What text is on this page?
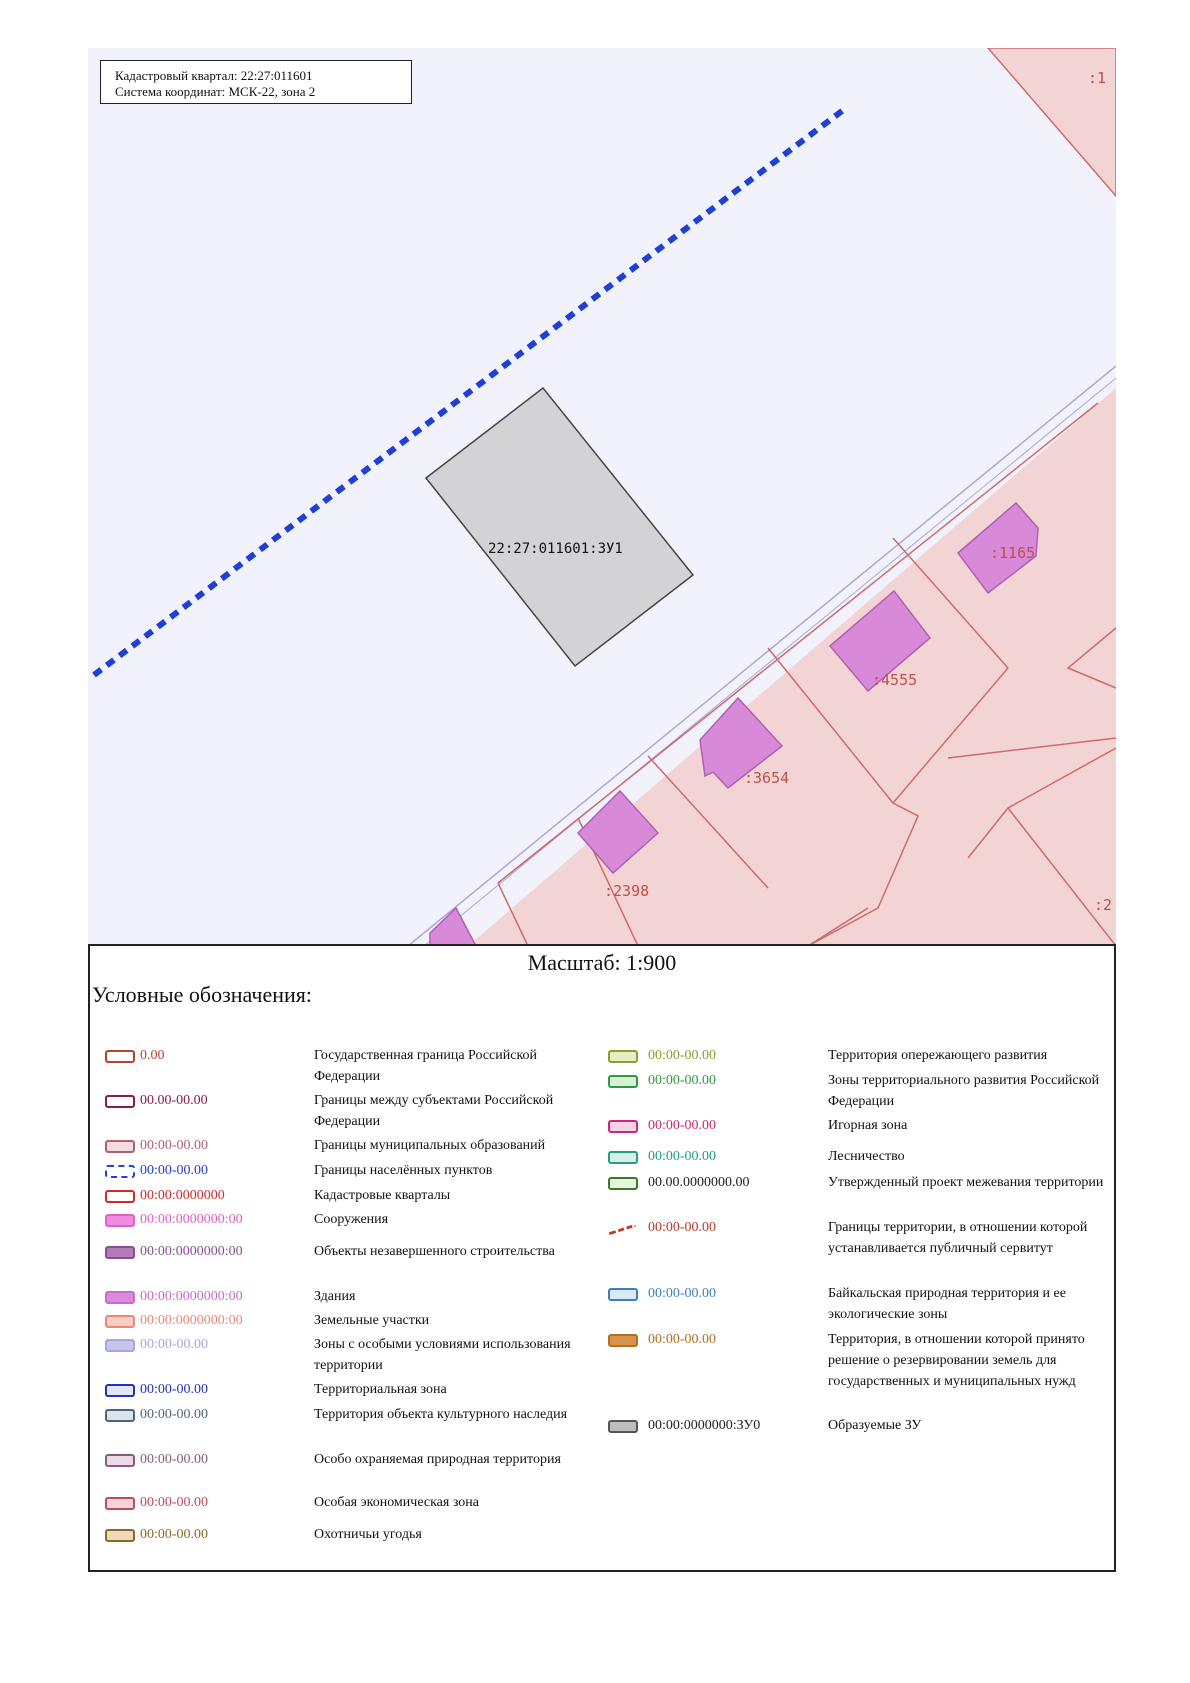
22:27:011601:ЗУ1
:4555
:3654
:2398
:1165
:1
:2
Кадастровый квартал: 22:27:011601
Система координат: МСК-22, зона 2
Масштаб: 1:900
Условные обозначения:
0.00	Государственная граница Российской Федерации
00.00-00.00	Границы между субъектами Российской Федерации
00:00-00.00	Границы муниципальных образований
00:00-00.00	Границы населённых пунктов
00:00:0000000	Кадастровые кварталы
00:00:0000000:00	Сооружения
00:00:0000000:00	Объекты незавершенного строительства
00:00:0000000:00	Здания
00:00:0000000:00	Земельные участки
00:00-00.00	Зоны с особыми условиями использования территории
00:00-00.00	Территориальная зона
00:00-00.00	Территория объекта культурного наследия
00:00-00.00	Особо охраняемая природная территория
00:00-00.00	Особая экономическая зона
00:00-00.00	Охотничьи угодья
00:00-00.00	Территория опережающего развития
00:00-00.00	Зоны территориального развития Российской Федерации
00:00-00.00	Игорная зона
00:00-00.00	Лесничество
00.00.0000000.00	Утвержденный проект межевания территории
00:00-00.00	Границы территории, в отношении которой устанавливается публичный сервитут
00:00-00.00	Байкальская природная территория и ее экологические зоны
00:00-00.00	Территория, в отношении которой принято решение о резервировании земель для государственных и муниципальных нужд
00:00:0000000:ЗУ0	Образуемые ЗУ
